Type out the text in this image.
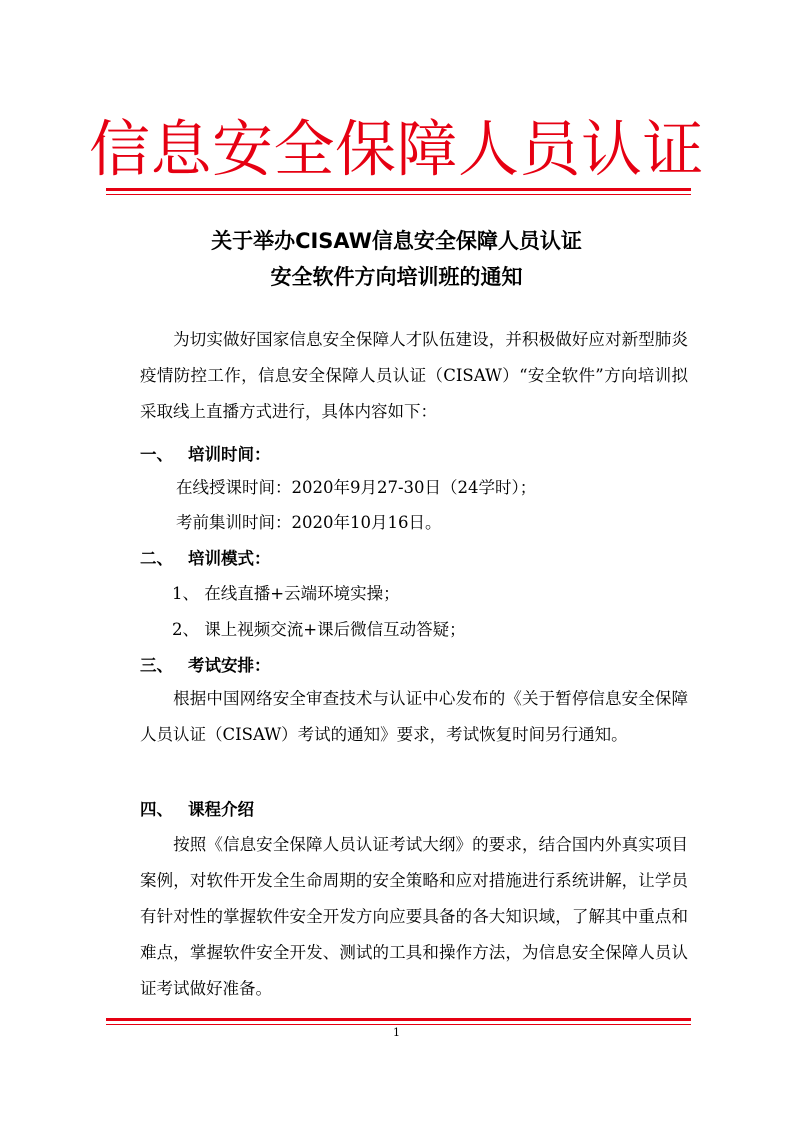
信息安全保障人员认证
关于举办CISAW信息安全保障人员认证
安全软件方向培训班的通知
为切实做好国家信息安全保障人才队伍建设，并积极做好应对新型肺炎疫情防控工作，信息安全保障人员认证（CISAW）“安全软件”方向培训拟采取线上直播方式进行，具体内容如下：
一、 培训时间：
在线授课时间：2020年9月27-30日（24学时）；
考前集训时间：2020年10月16日。
二、 培训模式：
1、 在线直播+云端环境实操；
2、 课上视频交流+课后微信互动答疑；
三、 考试安排：
根据中国网络安全审查技术与认证中心发布的《关于暂停信息安全保障人员认证（CISAW）考试的通知》要求，考试恢复时间另行通知。
四、 课程介绍
按照《信息安全保障人员认证考试大纲》的要求，结合国内外真实项目案例，对软件开发全生命周期的安全策略和应对措施进行系统讲解，让学员有针对性的掌握软件安全开发方向应要具备的各大知识域，了解其中重点和难点，掌握软件安全开发、测试的工具和操作方法，为信息安全保障人员认证考试做好准备。
1
